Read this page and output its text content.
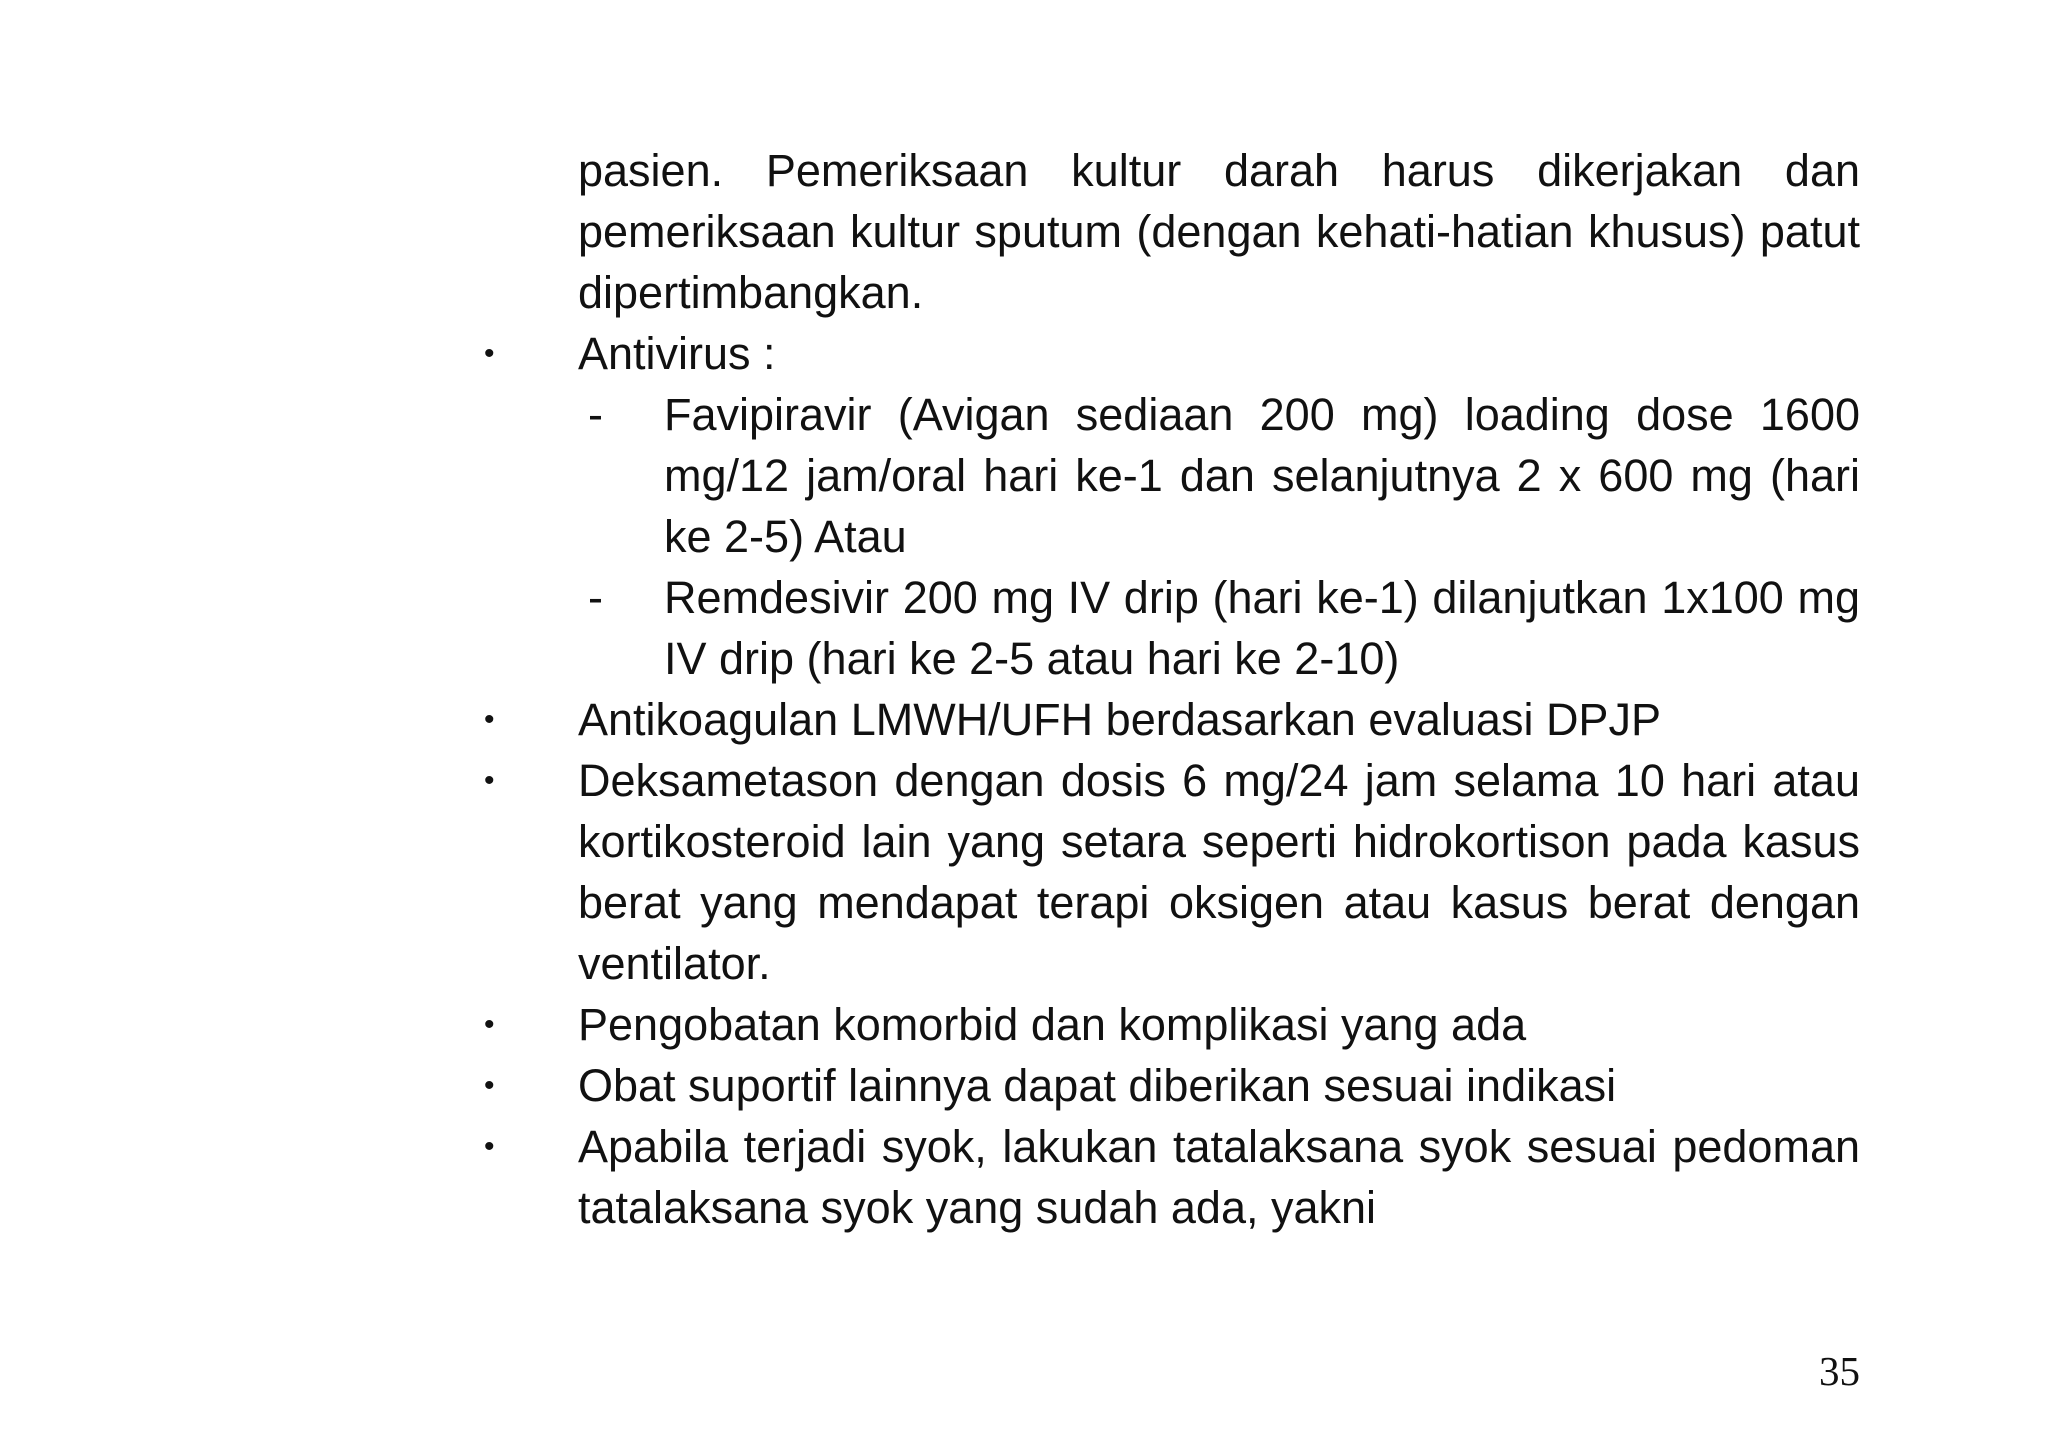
pasien. Pemeriksaan kultur darah harus dikerjakan dan pemeriksaan kultur sputum (dengan kehati-hatian khusus) patut dipertimbangkan.

•	Antivirus :
-	Favipiravir (Avigan sediaan 200 mg) loading dose 1600 mg/12 jam/oral hari ke-1 dan selanjutnya 2 x 600 mg (hari ke 2-5) Atau
-	Remdesivir 200 mg IV drip (hari ke-1) dilanjutkan 1x100 mg IV drip (hari ke 2-5 atau hari ke 2-10)
•	Antikoagulan LMWH/UFH berdasarkan evaluasi DPJP
•	Deksametason dengan dosis 6 mg/24 jam selama 10 hari atau kortikosteroid lain yang setara seperti hidrokortison pada kasus berat yang mendapat terapi oksigen atau kasus berat dengan ventilator.
•	Pengobatan komorbid dan komplikasi yang ada
•	Obat suportif lainnya dapat diberikan sesuai indikasi
•	Apabila terjadi syok, lakukan tatalaksana syok sesuai pedoman tatalaksana syok yang sudah ada, yakni
35
